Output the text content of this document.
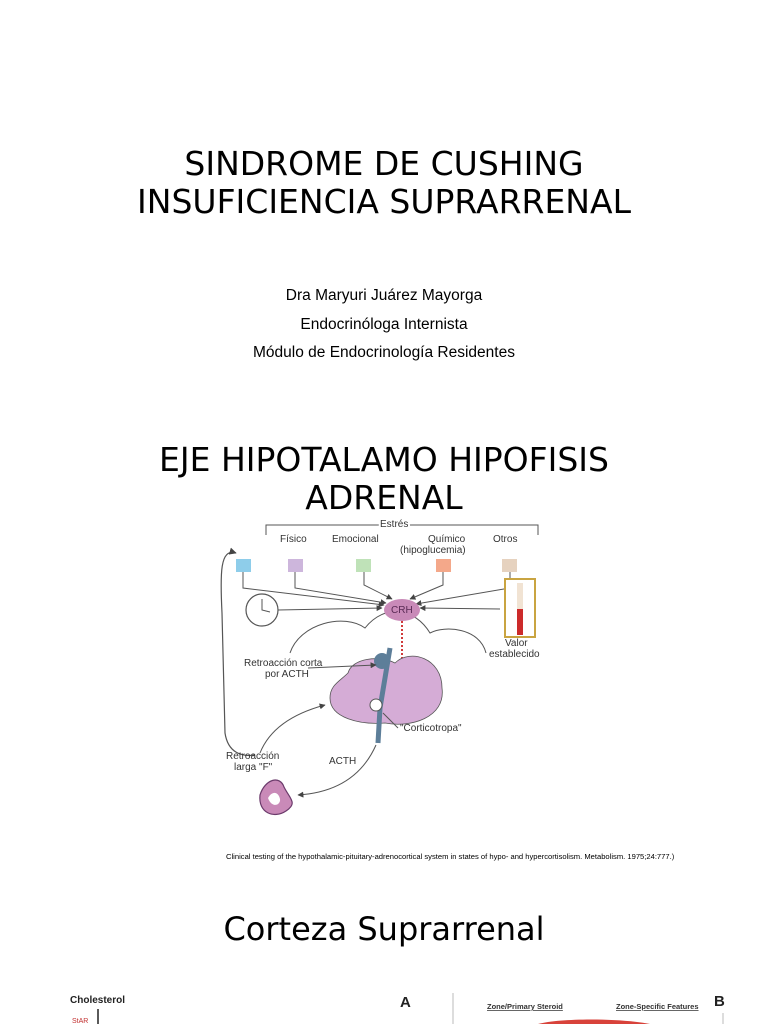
SINDROME DE CUSHING
INSUFICIENCIA SUPRARRENAL
Dra Maryuri Juárez Mayorga
Endocrinóloga Internista
Módulo de Endocrinología Residentes
EJE HIPOTALAMO HIPOFISIS
ADRENAL
Estrés
Físico	Emocional	Químico
(hipoglucemia)
Otros
Valor
establecido
CRH
Retroacción corta
por ACTH
"Corticotropa"
Retroacción
larga "F"
ACTH
Clinical testing of the hypothalamic-pituitary-adrenocortical system in states of hypo- and hypercortisolism. Metabolism. 1975;24:777.)
Corteza Suprarrenal
Cholesterol
StAR
A	Zone/Primary Steroid	Zone-Specific Features B
